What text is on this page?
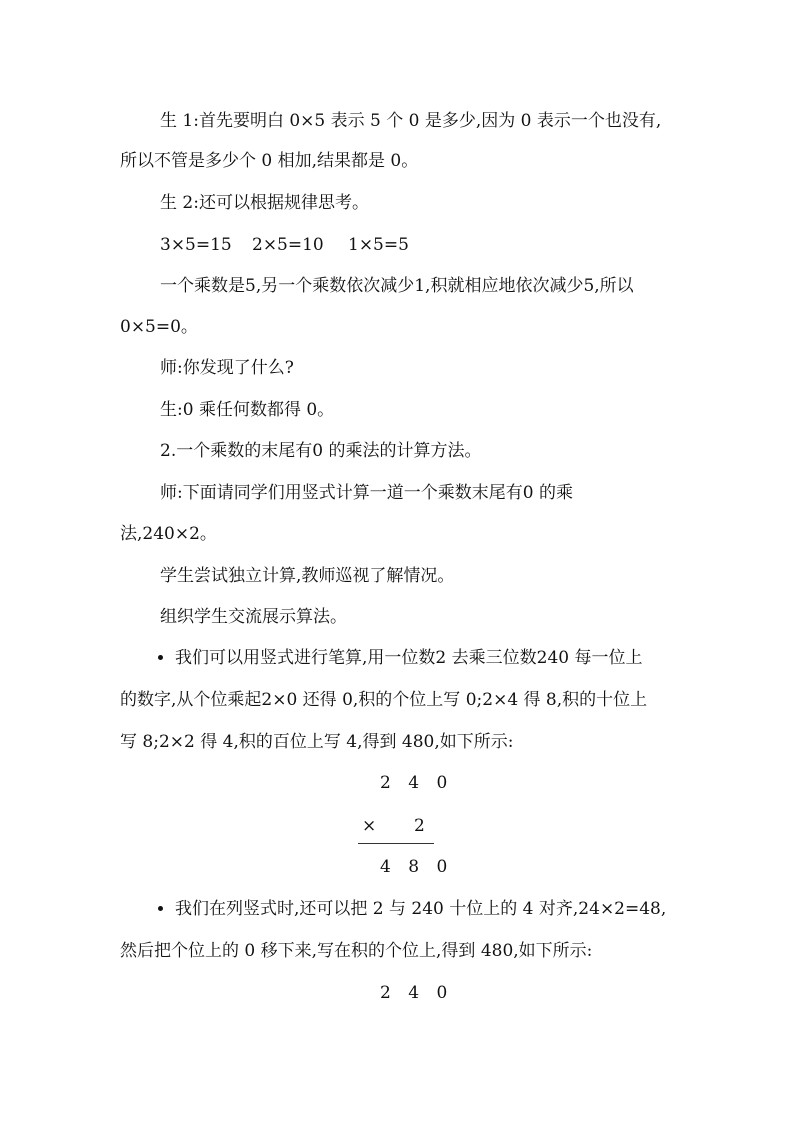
生 1:首先要明白 0×5 表示 5 个 0 是多少,因为 0 表示一个也没有,
所以不管是多少个 0 相加,结果都是 0。
生 2:还可以根据规律思考。
3×5=15 2×5=10 1×5=5
一个乘数是5,另一个乘数依次减少1,积就相应地依次减少5,所以
0×5=0。
师:你发现了什么?
生:0 乘任何数都得 0。
2.一个乘数的末尾有0 的乘法的计算方法。
师:下面请同学们用竖式计算一道一个乘数末尾有0 的乘
法,240×2。
学生尝试独立计算,教师巡视了解情况。
组织学生交流展示算法。
我们可以用竖式进行笔算,用一位数2 去乘三位数240 每一位上
的数字,从个位乘起2×0 还得 0,积的个位上写 0;2×4 得 8,积的十位上
写 8;2×2 得 4,积的百位上写 4,得到 480,如下所示:
2 4 0
× 2
4 8 0
我们在列竖式时,还可以把 2 与 240 十位上的 4 对齐,24×2=48,
然后把个位上的 0 移下来,写在积的个位上,得到 480,如下所示:
2 4 0
